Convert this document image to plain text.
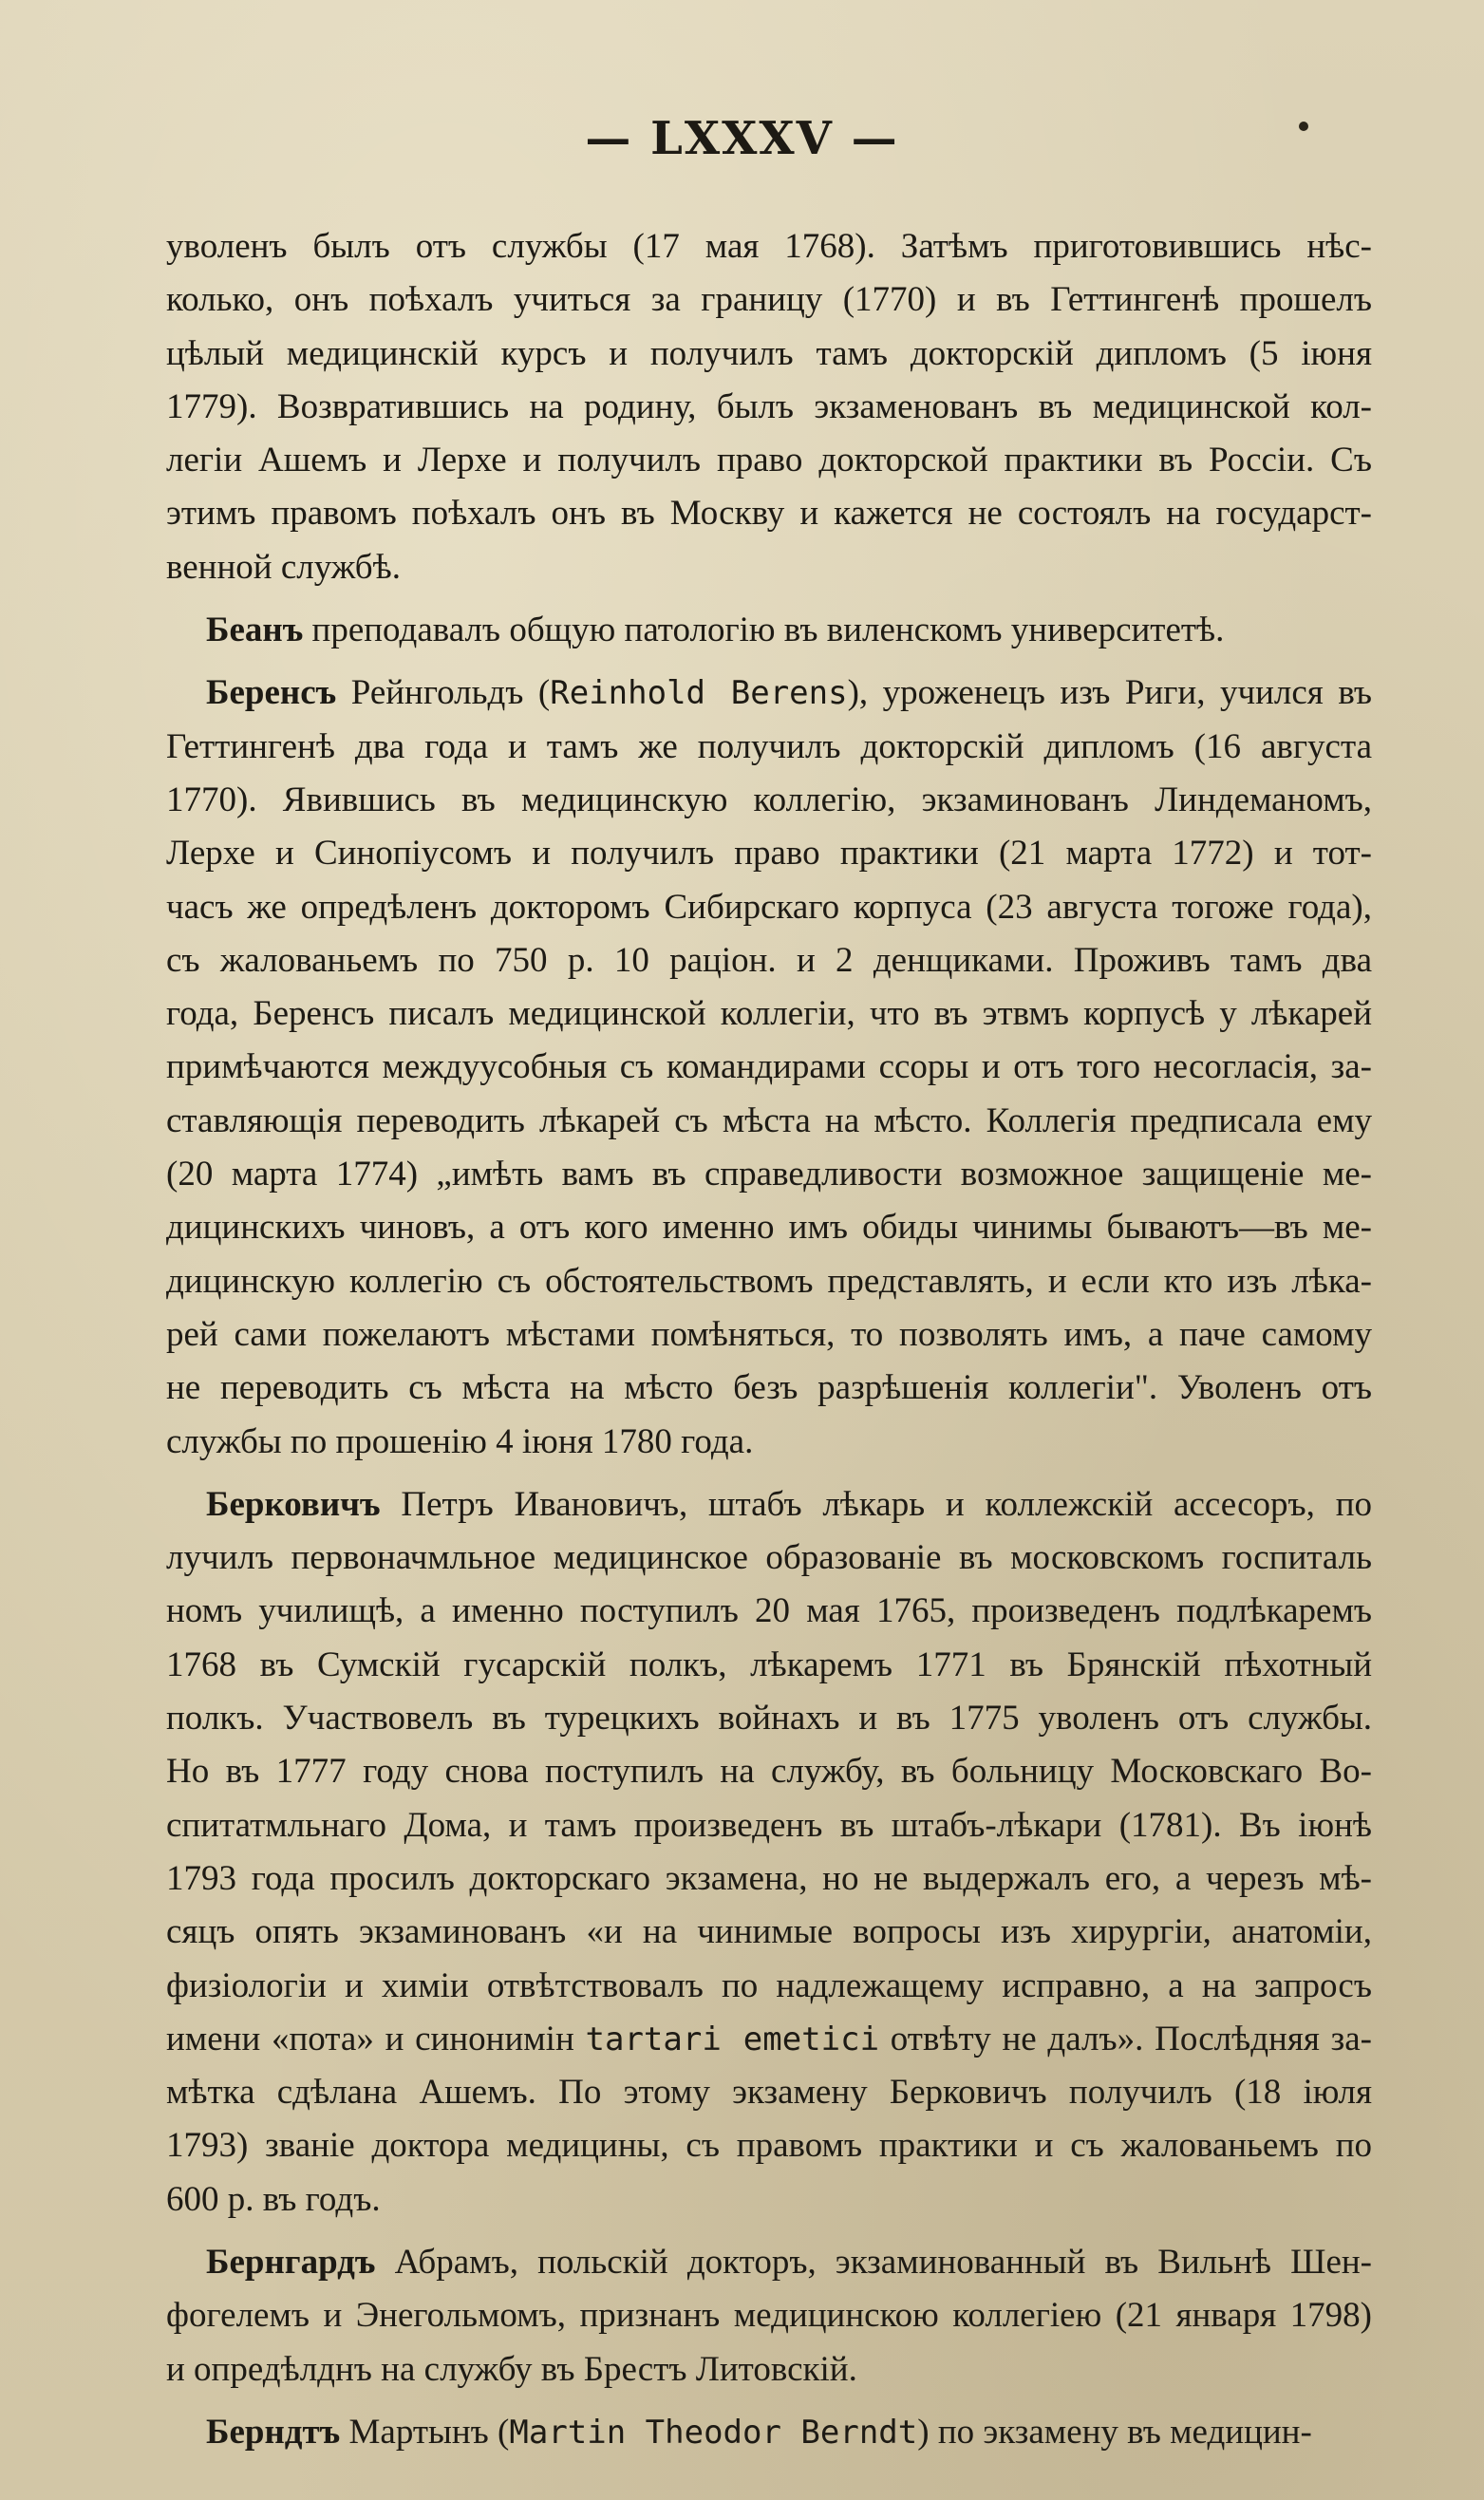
— LXXXV —
уволенъ былъ отъ службы (17 мая 1768). Затѣмъ приготовившись нѣс-
колько, онъ поѣхалъ учиться за границу (1770) и въ Геттингенѣ прошелъ
цѣлый медицинскій курсъ и получилъ тамъ докторскій дипломъ (5 іюня
1779). Возвратившись на родину, былъ экзаменованъ въ медицинской кол-
легіи Ашемъ и Лерхе и получилъ право докторской практики въ Россіи. Съ
этимъ правомъ поѣхалъ онъ въ Москву и кажется не состоялъ на государст-
венной службѣ.
Беанъ преподавалъ общую патологію въ виленскомъ университетѣ.
Беренсъ Рейнгольдъ (Reinhold Berens), уроженецъ изъ Риги, учился въ
Геттингенѣ два года и тамъ же получилъ докторскій дипломъ (16 августа
1770). Явившись въ медицинскую коллегію, экзаминованъ Линдеманомъ,
Лерхе и Синопіусомъ и получилъ право практики (21 марта 1772) и тот-
часъ же опредѣленъ докторомъ Сибирскаго корпуса (23 августа тогоже года),
съ жалованьемъ по 750 р. 10 раціон. и 2 денщиками. Проживъ тамъ два
года, Беренсъ писалъ медицинской коллегіи, что въ этвмъ корпусѣ у лѣкарей
примѣчаются междуусобныя съ командирами ссоры и отъ того несогласія, за-
ставляющія переводить лѣкарей съ мѣста на мѣсто. Коллегія предписала ему
(20 марта 1774) „имѣть вамъ въ справедливости возможное защищеніе ме-
дицинскихъ чиновъ, а отъ кого именно имъ обиды чинимы бываютъ—въ ме-
дицинскую коллегію съ обстоятельствомъ представлять, и если кто изъ лѣка-
рей сами пожелаютъ мѣстами помѣняться, то позволять имъ, а паче самому
не переводить съ мѣста на мѣсто безъ разрѣшенія коллегіи". Уволенъ отъ
службы по прошенію 4 іюня 1780 года.
Берковичъ Петръ Ивановичъ, штабъ лѣкарь и коллежскій ассесоръ, по
лучилъ первоначмльное медицинское образованіе въ московскомъ госпиталь
номъ училищѣ, а именно поступилъ 20 мая 1765, произведенъ подлѣкаремъ
1768 въ Сумскій гусарскій полкъ, лѣкаремъ 1771 въ Брянскій пѣхотный
полкъ. Участвовелъ въ турецкихъ войнахъ и въ 1775 уволенъ отъ службы.
Но въ 1777 году снова поступилъ на службу, въ больницу Московскаго Во-
спитатмльнаго Дома, и тамъ произведенъ въ штабъ-лѣкари (1781). Въ іюнѣ
1793 года просилъ докторскаго экзамена, но не выдержалъ его, а черезъ мѣ-
сяцъ опять экзаминованъ «и на чинимые вопросы изъ хирургіи, анатоміи,
физіологіи и химіи отвѣтствовалъ по надлежащему исправно, а на запросъ
имени «пота» и синонимін tartari emetici отвѣту не далъ». Послѣдняя за-
мѣтка сдѣлана Ашемъ. По этому экзамену Берковичъ получилъ (18 іюля
1793) званіе доктора медицины, съ правомъ практики и съ жалованьемъ по
600 р. въ годъ.
Бернгардъ Абрамъ, польскій докторъ, экзаминованный въ Вильнѣ Шен-
фогелемъ и Энегольмомъ, признанъ медицинскою коллегіею (21 января 1798)
и опредѣлднъ на службу въ Брестъ Литовскій.
Берндтъ Мартынъ (Martin Theodor Berndt) по экзамену въ медицин-
